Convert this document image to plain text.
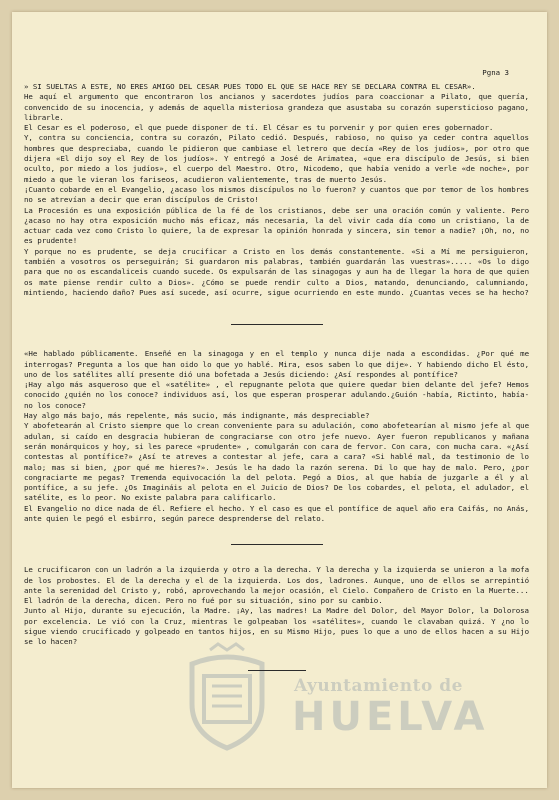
Ayuntamiento de
HUELVA
Pgna 3

» SI SUELTAS A ESTE, NO ERES AMIGO DEL CESAR PUES TODO EL QUE SE HACE REY SE DECLARA CONTRA EL CESAR».

He aquí el argumento que encontraron los ancianos y sacerdotes judíos para coaccionar a Pilato, que quería, convencido de su inocencia, y además de aquella misteriosa grandeza que asustaba su corazón supersticioso pagano, librarle.

El Cesar es el poderoso, el que puede disponer de tí. El César es tu porvenir y por quien eres gobernador.

Y, contra su conciencia, contra su corazón, Pilato cedió. Después, rabioso, no quiso ya ceder contra aquellos hombres que despreciaba, cuando le pidieron que cambiase el letrero que decía «Rey de los judíos», por otro que dijera «El dijo soy el Rey de los judíos». Y entregó a José de Arimatea, «que era discípulo de Jesús, si bien oculto, por miedo a los judíos», el cuerpo del Maestro. Otro, Nicodemo, que había venido a verle «de noche», por miedo a que le vieran los fariseos, acudieron valientemente, tras de muerto Jesús.

¡Cuanto cobarde en el Evangelio, ¿acaso los mismos discípulos no lo fueron? y cuantos que por temor de los hombres no se atrevían a decir que eran discípulos de Cristo!

La Procesión es una exposición pública de la fé de los cristianos, debe ser una oración común y valiente. Pero ¿acaso no hay otra exposición mucho más eficaz, más necesaria, la del vivir cada día como un cristiano, la de actuar cada vez como Cristo lo quiere, la de expresar la opinión honrada y sincera, sin temor a nadie? ¡Oh, no, no es prudente!

Y porque no es prudente, se deja crucificar a Cristo en los demás constantemente. «Si a Mí me persiguieron, también a vosotros os perseguirán; Si guardaron mis palabras, también guardarán las vuestras»..... «Os lo digo para que no os escandaliceis cuando sucede. Os expulsarán de las sinagogas y aun ha de llegar la hora de que quien os mate piense rendir culto a Dios». ¿Cómo se puede rendir culto a Dios, matando, denunciando, calumniando, mintiendo, haciendo daño? Pues así sucede, así ocurre, sigue ocurriendo en este mundo. ¿Cuantas veces se ha hecho?

«He hablado públicamente. Enseñé en la sinagoga y en el templo y nunca dije nada a escondidas. ¿Por qué me interrogas? Pregunta a los que han oido lo que yo hablé. Mira, esos saben lo que dije». Y habiendo dicho El ésto, uno de los satélites allí presente dió una bofetada a Jesús diciendo: ¿Así respondes al pontífice?

¡Hay algo más asqueroso que el «satélite» , el repugnante pelota que quiere quedar bien delante del jefe? Hemos conocido ¿quién no los conoce? individuos así, los que esperan prosperar adulando.¿Guión -había, Rictinto, había- no los conoce?

Hay algo más bajo, más repelente, más sucio, más indignante, más despreciable?

Y abofetearán al Cristo siempre que lo crean conveniente para su adulación, como abofetearían al mismo jefe al que adulan, si caído en desgracia hubieran de congraciarse con otro jefe nuevo. Ayer fueron republicanos y mañana serán monárquicos y hoy, si les parece «prudente» , comulgarán con cara de fervor. Con cara, con mucha cara. «¿Así contestas al pontífice?» ¿Así te atreves a contestar al jefe, cara a cara? «Si hablé mal, da testimonio de lo malo; mas si bien, ¿por qué me hieres?». Jesús le ha dado la razón serena. Di lo que hay de malo. Pero, ¿por congraciarte me pegas? Tremenda equivocación la del pelota. Pegó a Dios, al que había de juzgarle a él y al pontífice, a su jefe. ¿Os Imagináis al pelota en el Juicio de Dios? De los cobardes, el pelota, el adulador, el satélite, es lo peor. No existe palabra para calificarlo.

El Evangelio no dice nada de él. Refiere el hecho. Y el caso es que el pontífice de aquel año era Caifás, no Anás, ante quien le pegó el esbirro, según parece desprenderse del relato.

Le crucificaron con un ladrón a la izquierda y otro a la derecha. Y la derecha y la izquierda se unieron a la mofa de los probostes. El de la derecha y el de la izquierda. Los dos, ladrones. Aunque, uno de ellos se arrepintió ante la serenidad del Cristo y, robó, aprovechando la mejor ocasión, el Cielo. Compañero de Cristo en la Muerte...

El ladrón de la derecha, dicen. Pero no fué por su situación, sino por su cambio.

Junto al Hijo, durante su ejecución, la Madre. ¡Ay, las madres! La Madre del Dolor, del Mayor Dolor, la Dolorosa por excelencia. Le vió con la Cruz, mientras le golpeaban los «satélites», cuando le clavaban quizá. Y ¿no lo sigue viendo crucificado y golpeado en tantos hijos, en su Mismo Hijo, pues lo que a uno de ellos hacen a su Hijo se lo hacen?
